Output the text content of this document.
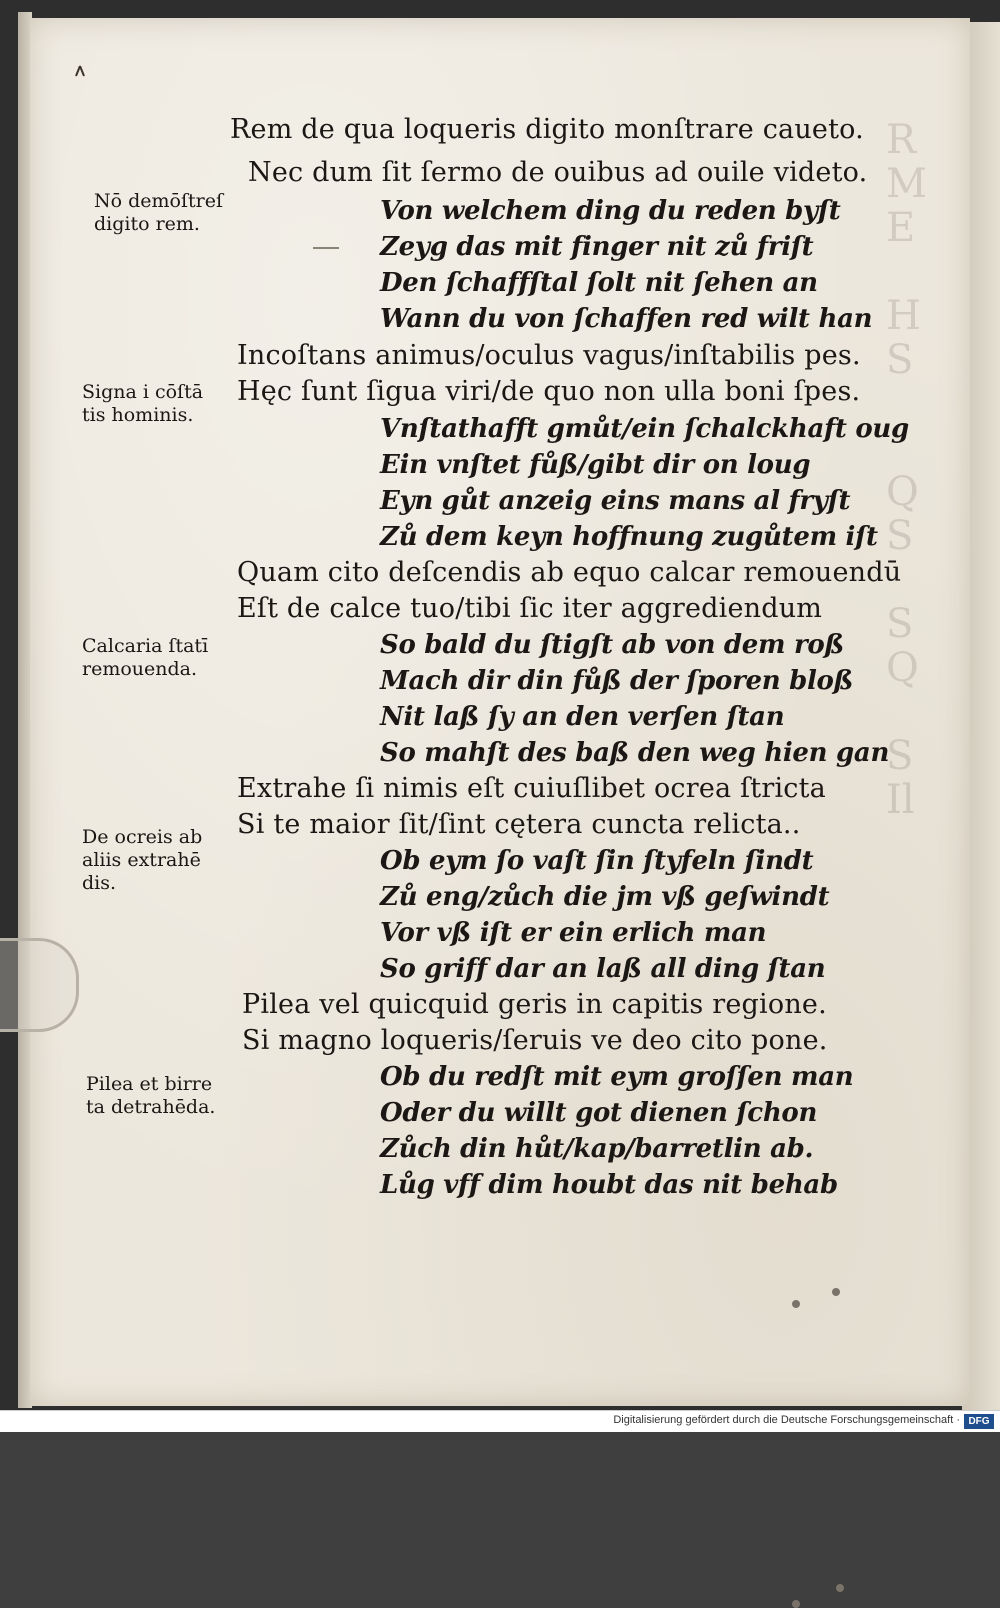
R
M
E

H
S

Q
S

S
Q

S
Il
Rem de qua loqueris digito monſtrare caueto.
Nec dum ſit ſermo de ouibus ad ouile videto.
Von welchem ding du reden byſt
Zeyg das mit finger nit zů friſt
Den ſchaffſtal ſolt nit ſehen an
Wann du von ſchaffen red wilt han
Incoſtans animus/oculus vagus/inſtabilis pes.
Hęc ſunt ſigua viri/de quo non ulla boni ſpes.
Vnſtathafft gmůt/ein ſchalckhaft oug
Ein vnſtet fůß/gibt dir on loug
Eyn gůt anzeig eins mans al fryſt
Zů dem keyn hoffnung zugůtem iſt
Quam cito deſcendis ab equo calcar remouendū
Eſt de calce tuo/tibi ſic iter aggrediendum
So bald du ſtigſt ab von dem roß
Mach dir din fůß der ſporen bloß
Nit laß ſy an den verſen ſtan
So mahſt des baß den weg hien gan
Extrahe ſi nimis eſt cuiuſlibet ocrea ſtricta
Si te maior ſit/ſint cętera cuncta relicta..
Ob eym ſo vaſt ſin ſtyfeln ſindt
Zů eng/zůch die jm vß geſwindt
Vor vß iſt er ein erlich man
So griff dar an laß all ding ſtan
Pilea vel quicquid geris in capitis regione.
Si magno loqueris/ſeruis ve deo cito pone.
Ob du redſt mit eym groſſen man
Oder du willt got dienen ſchon
Zůch din hůt/kap/barretlin ab.
Lůg vff dim houbt das nit behab
Nō demōſtreſ
digito rem.
Signa i cōſtā
tis hominis.
Calcaria ſtatī
remouenda.
De ocreis ab
aliis extrahē
dis.
Pilea et birre
ta detrahēda.
Digitalisierung gefördert durch die Deutsche Forschungsgemeinschaft · DFG
